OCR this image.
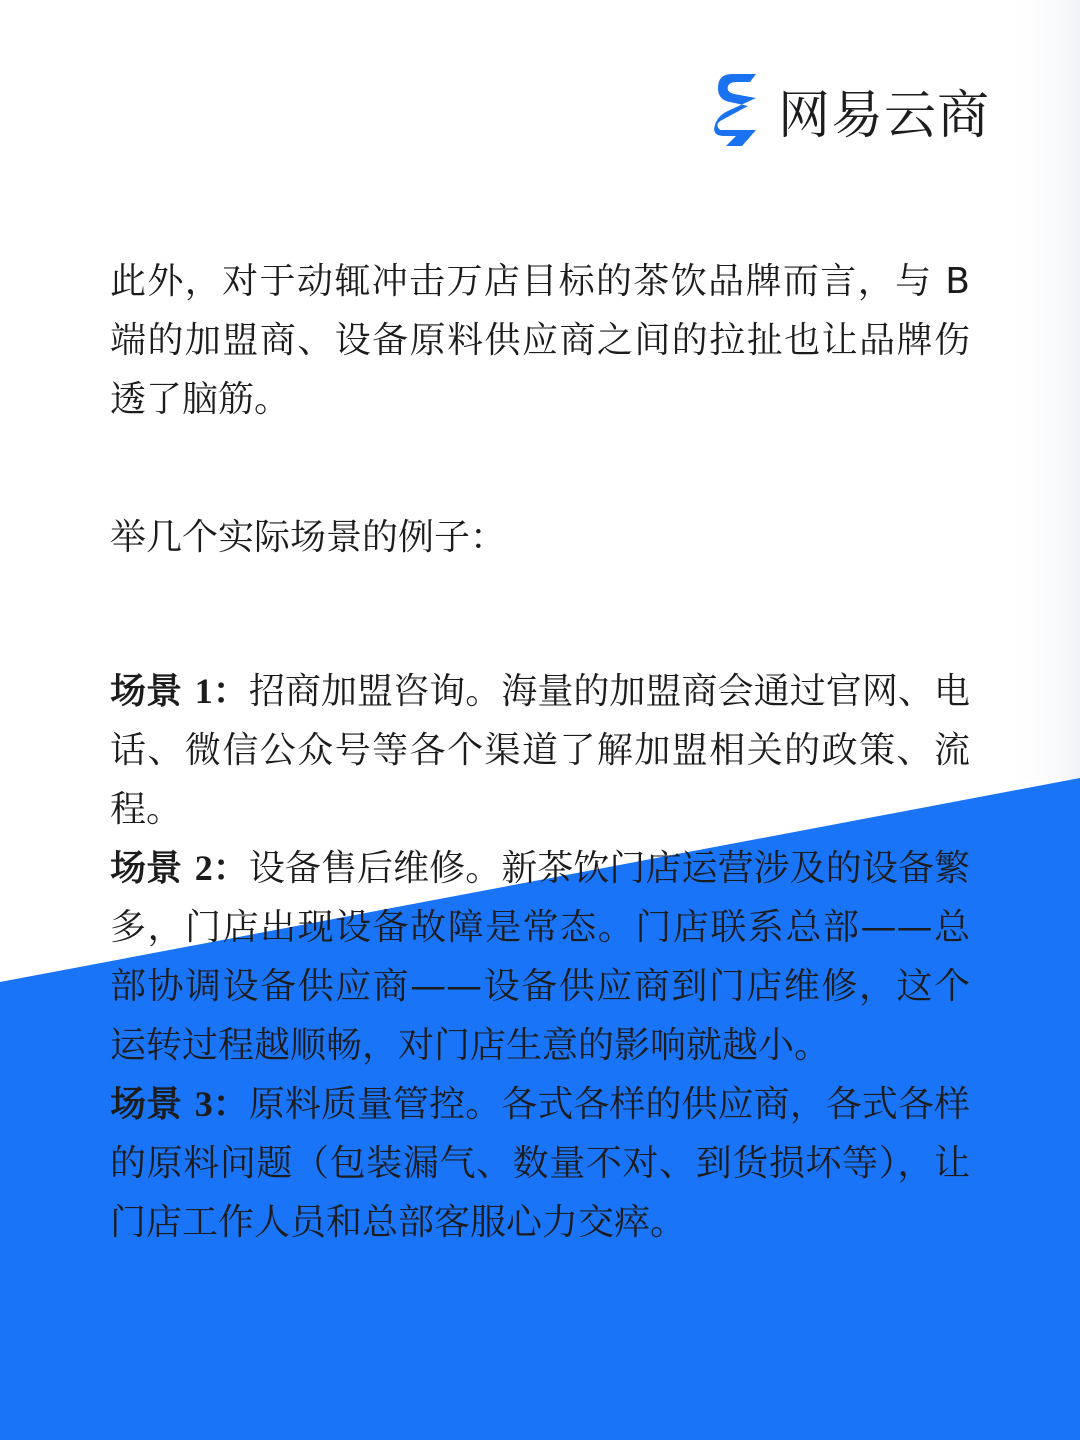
网易云商

此外，对于动辄冲击万店目标的茶饮品牌而言，与 B 端的加盟商、设备原料供应商之间的拉扯也让品牌伤透了脑筋。

举几个实际场景的例子：

场景 1：招商加盟咨询。海量的加盟商会通过官网、电话、微信公众号等各个渠道了解加盟相关的政策、流程。

场景 2：设备售后维修。新茶饮门店运营涉及的设备繁多，门店出现设备故障是常态。门店联系总部——总部协调设备供应商——设备供应商到门店维修，这个运转过程越顺畅，对门店生意的影响就越小。

场景 3：原料质量管控。各式各样的供应商，各式各样的原料问题（包装漏气、数量不对、到货损坏等），让门店工作人员和总部客服心力交瘁。
